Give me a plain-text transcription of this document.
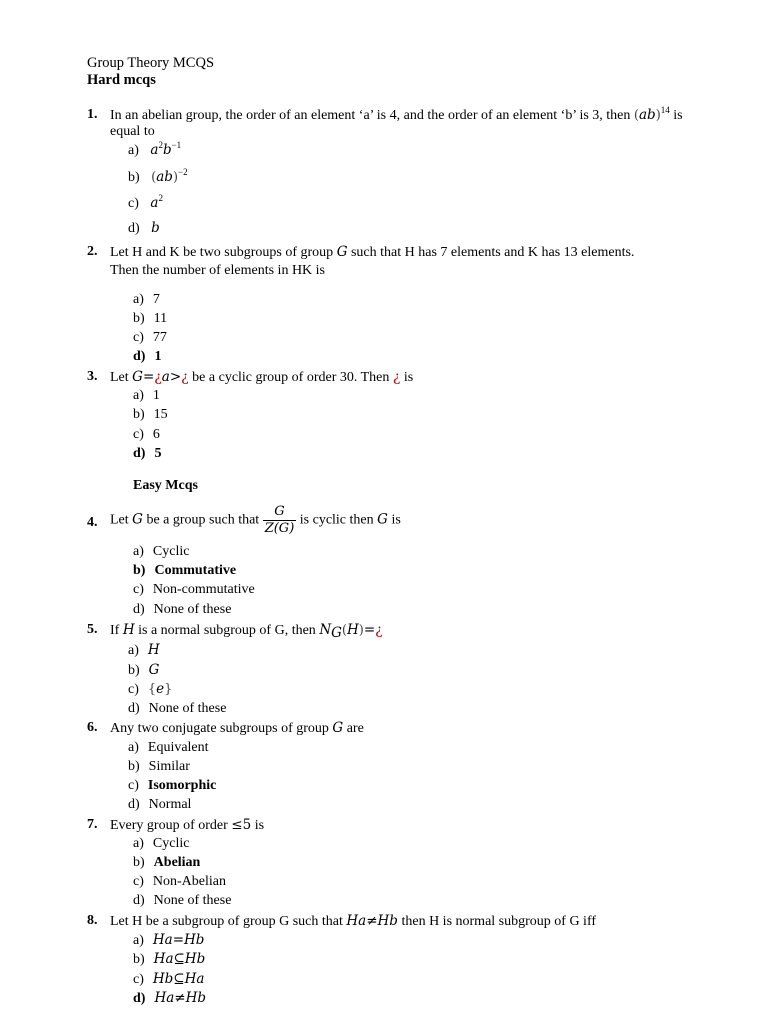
Group Theory MCQS
Hard mcqs
1. In an abelian group, the order of an element ‘a’ is 4, and the order of an element ‘b’ is 3, then (ab)$^{14}$ is
equal to
a) $a^2b^{-1}$
b) (ab)$^{-2}$
c) $a^2$
d) b
2. Let H and K be two subgroups of group G such that H has 7 elements and K has 13 elements.
Then the number of elements in HK is
a) 7
b) 11
c) 77
d) 1
3. Let G=¿a>¿ be a cyclic group of order 30. Then ¿ is
a) 1
b) 15
c) 6
d) 5
Easy Mcqs
4. Let G be a group such that $\frac{G}{Z(G)}$ is cyclic then G is
a) Cyclic
b) Commutative
c) Non-commutative
d) None of these
5. If H is a normal subgroup of G, then $N_G(H)=¿$
a) H
b) G
c) {e}
d) None of these
6. Any two conjugate subgroups of group G are
a) Equivalent
b) Similar
c) Isomorphic
d) Normal
7. Every group of order ≤5 is
a) Cyclic
b) Abelian
c) Non-Abelian
d) None of these
8. Let H be a subgroup of group G such that Ha≠Hb then H is normal subgroup of G iff
a) Ha=Hb
b) Ha⊆Hb
c) Hb⊆Ha
d) Ha≠Hb
